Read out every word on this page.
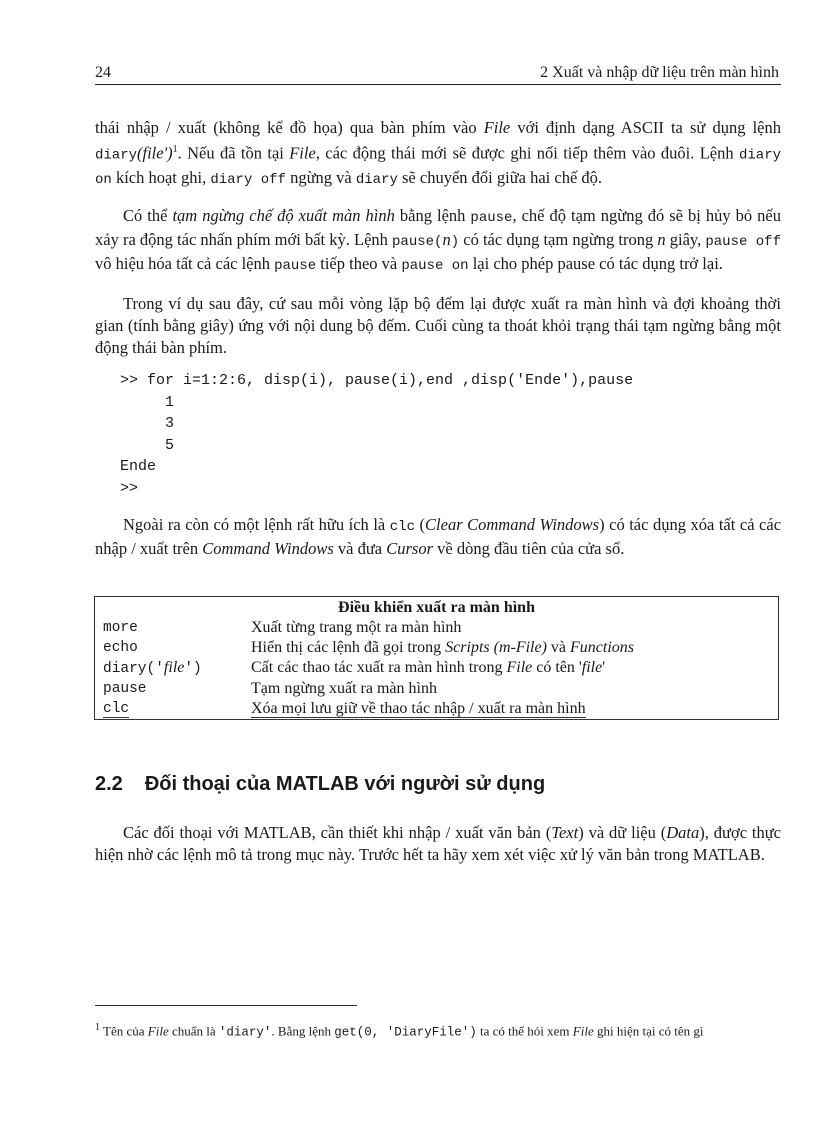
24	2 Xuất và nhập dữ liệu trên màn hình

thái nhập / xuất (không kể đồ họa) qua bàn phím vào File với định dạng ASCII ta sử dụng lệnh diary(file')$^1$. Nếu đã tồn tại File, các động thái mới sẽ được ghi nối tiếp thêm vào đuôi. Lệnh diary on kích hoạt ghi, diary off ngừng và diary sẽ chuyển đổi giữa hai chế độ.

Có thể tạm ngừng chế độ xuất màn hình bằng lệnh pause, chế độ tạm ngừng đó sẽ bị hủy bỏ nếu xảy ra động tác nhấn phím mới bất kỳ. Lệnh pause(n) có tác dụng tạm ngừng trong n giây, pause off vô hiệu hóa tất cả các lệnh pause tiếp theo và pause on lại cho phép pause có tác dụng trở lại.

Trong ví dụ sau đây, cứ sau mỗi vòng lặp bộ đếm lại được xuất ra màn hình và đợi khoảng thời gian (tính bằng giây) ứng với nội dung bộ đếm. Cuối cùng ta thoát khỏi trạng thái tạm ngừng bằng một động thái bàn phím.

>> for i=1:2:6, disp(i), pause(i),end ,disp('Ende'),pause
1
3
5
Ende
>>

Ngoài ra còn có một lệnh rất hữu ích là clc (Clear Command Windows) có tác dụng xóa tất cả các nhập / xuất trên Command Windows và đưa Cursor về dòng đầu tiên của cửa sổ.

Điều khiển xuất ra màn hình	
more	Xuất từng trang một ra màn hình
echo	Hiển thị các lệnh đã gọi trong Scripts (m-File) và Functions
diary('file')	Cất các thao tác xuất ra màn hình trong File có tên 'file'
pause	Tạm ngừng xuất ra màn hình
clc	Xóa mọi lưu giữ về thao tác nhập / xuất ra màn hình
2.2 Đối thoại của MATLAB với người sử dụng

Các đối thoại với MATLAB, cần thiết khi nhập / xuất văn bản (Text) và dữ liệu (Data), được thực hiện nhờ các lệnh mô tả trong mục này. Trước hết ta hãy xem xét việc xử lý văn bản trong MATLAB.

$^1$ Tên của File chuẩn là 'diary'. Bằng lệnh get(0, 'DiaryFile') ta có thể hỏi xem File ghi hiện tại có tên gì
